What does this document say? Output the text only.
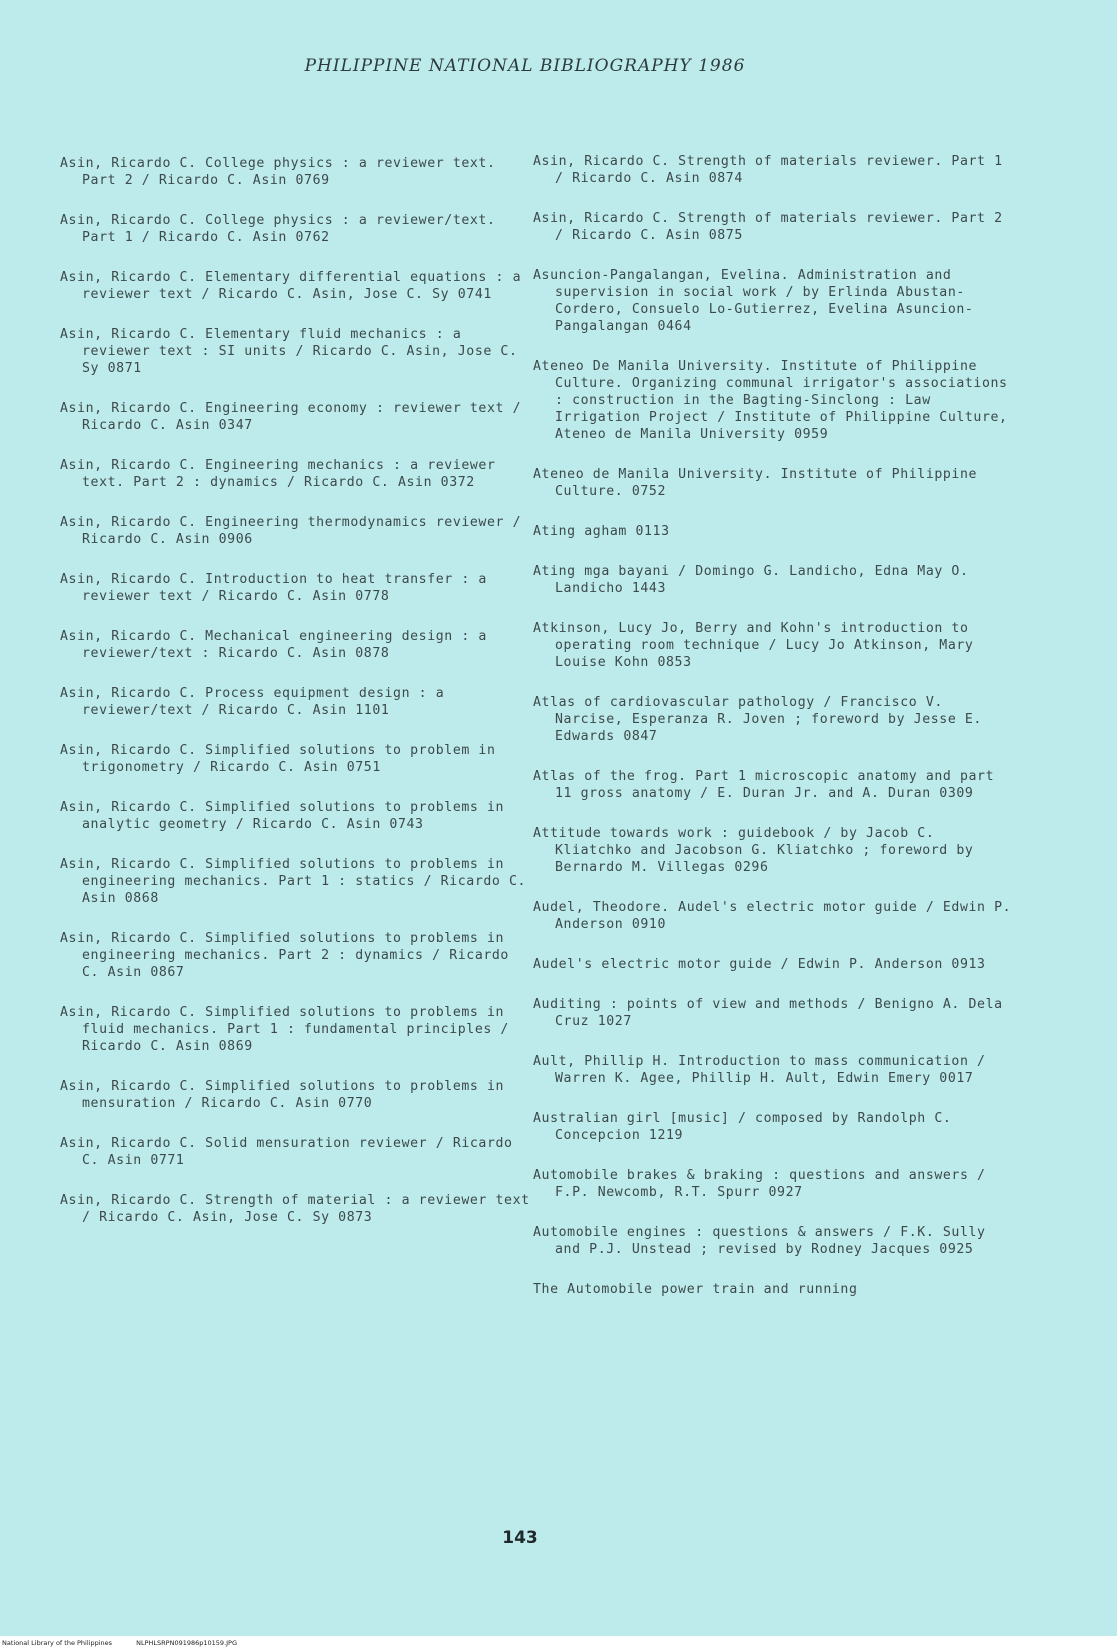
PHILIPPINE NATIONAL BIBLIOGRAPHY 1986
Asin, Ricardo C. College physics : a reviewer text. Part 2 / Ricardo C. Asin 0769
Asin, Ricardo C. College physics : a reviewer/text. Part 1 / Ricardo C. Asin 0762
Asin, Ricardo C. Elementary differential equations : a reviewer text / Ricardo C. Asin, Jose C. Sy 0741
Asin, Ricardo C. Elementary fluid mechanics : a reviewer text : SI units / Ricardo C. Asin, Jose C. Sy 0871
Asin, Ricardo C. Engineering economy : reviewer text / Ricardo C. Asin 0347
Asin, Ricardo C. Engineering mechanics : a reviewer text. Part 2 : dynamics / Ricardo C. Asin 0372
Asin, Ricardo C. Engineering thermodynamics reviewer / Ricardo C. Asin 0906
Asin, Ricardo C. Introduction to heat transfer : a reviewer text / Ricardo C. Asin 0778
Asin, Ricardo C. Mechanical engineering design : a reviewer/text : Ricardo C. Asin 0878
Asin, Ricardo C. Process equipment design : a reviewer/text / Ricardo C. Asin 1101
Asin, Ricardo C. Simplified solutions to problem in trigonometry / Ricardo C. Asin 0751
Asin, Ricardo C. Simplified solutions to problems in analytic geometry / Ricardo C. Asin 0743
Asin, Ricardo C. Simplified solutions to problems in engineering mechanics. Part 1 : statics / Ricardo C. Asin 0868
Asin, Ricardo C. Simplified solutions to problems in engineering mechanics. Part 2 : dynamics / Ricardo C. Asin 0867
Asin, Ricardo C. Simplified solutions to problems in fluid mechanics. Part 1 : fundamental principles / Ricardo C. Asin 0869
Asin, Ricardo C. Simplified solutions to problems in mensuration / Ricardo C. Asin 0770
Asin, Ricardo C. Solid mensuration reviewer / Ricardo C. Asin 0771
Asin, Ricardo C. Strength of material : a reviewer text / Ricardo C. Asin, Jose C. Sy 0873
Asin, Ricardo C. Strength of materials reviewer. Part 1 / Ricardo C. Asin 0874
Asin, Ricardo C. Strength of materials reviewer. Part 2 / Ricardo C. Asin 0875
Asuncion-Pangalangan, Evelina. Administration and supervision in social work / by Erlinda Abustan-Cordero, Consuelo Lo-Gutierrez, Evelina Asuncion-Pangalangan 0464
Ateneo De Manila University. Institute of Philippine Culture. Organizing communal irrigator's associations : construction in the Bagting-Sinclong : Law Irrigation Project / Institute of Philippine Culture, Ateneo de Manila University 0959
Ateneo de Manila University. Institute of Philippine Culture. 0752
Ating agham 0113
Ating mga bayani / Domingo G. Landicho, Edna May O. Landicho 1443
Atkinson, Lucy Jo, Berry and Kohn's introduction to operating room technique / Lucy Jo Atkinson, Mary Louise Kohn 0853
Atlas of cardiovascular pathology / Francisco V. Narcise, Esperanza R. Joven ; foreword by Jesse E. Edwards 0847
Atlas of the frog. Part 1 microscopic anatomy and part 11 gross anatomy / E. Duran Jr. and A. Duran 0309
Attitude towards work : guidebook / by Jacob C. Kliatchko and Jacobson G. Kliatchko ; foreword by Bernardo M. Villegas 0296
Audel, Theodore. Audel's electric motor guide / Edwin P. Anderson 0910
Audel's electric motor guide / Edwin P. Anderson 0913
Auditing : points of view and methods / Benigno A. Dela Cruz 1027
Ault, Phillip H. Introduction to mass communication / Warren K. Agee, Phillip H. Ault, Edwin Emery 0017
Australian girl [music] / composed by Randolph C. Concepcion 1219
Automobile brakes & braking : questions and answers / F.P. Newcomb, R.T. Spurr 0927
Automobile engines : questions & answers / F.K. Sully and P.J. Unstead ; revised by Rodney Jacques 0925
The Automobile power train and running
143
National Library of the Philippines	NLPHLSRPN091986p10159.JPG
